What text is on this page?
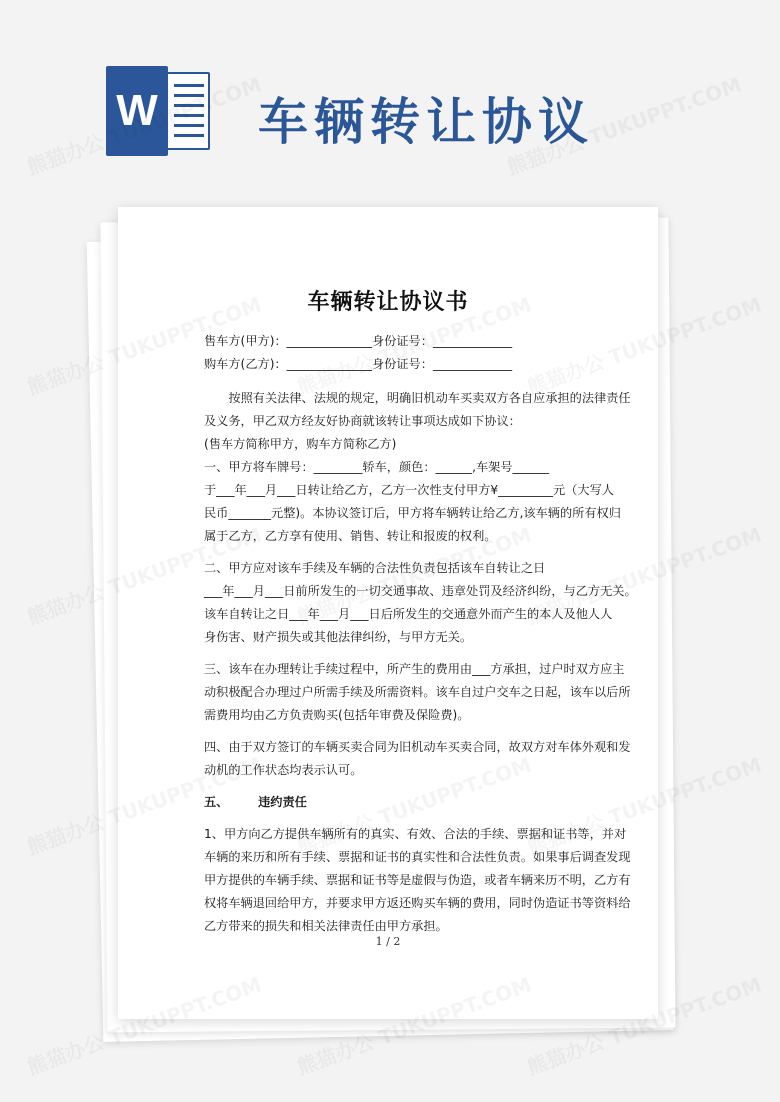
W 车辆转让协议
车辆转让协议书

售车方(甲方)：______________身份证号：_____________

购车方(乙方)：______________身份证号：_____________

按照有关法律、法规的规定，明确旧机动车买卖双方各自应承担的法律责任

及义务，甲乙双方经友好协商就该转让事项达成如下协议：

(售车方简称甲方，购车方简称乙方)

一、甲方将车牌号：________轿车，颜色：______,车架号______

于___年___月___日转让给乙方，乙方一次性支付甲方¥_________元（大写人

民币_______元整)。本协议签订后，甲方将车辆转让给乙方,该车辆的所有权归

属于乙方，乙方享有使用、销售、转让和报废的权利。

二、甲方应对该车手续及车辆的合法性负责包括该车自转让之日

___年___月___日前所发生的一切交通事故、违章处罚及经济纠纷，与乙方无关。

该车自转让之日___年___月___日后所发生的交通意外而产生的本人及他人人

身伤害、财产损失或其他法律纠纷，与甲方无关。

三、该车在办理转让手续过程中，所产生的费用由___方承担，过户时双方应主

动积极配合办理过户所需手续及所需资料。该车自过户交车之日起，该车以后所

需费用均由乙方负责购买(包括年审费及保险费)。

四、由于双方签订的车辆买卖合同为旧机动车买卖合同，故双方对车体外观和发

动机的工作状态均表示认可。

五、       违约责任

1、甲方向乙方提供车辆所有的真实、有效、合法的手续、票据和证书等，并对

车辆的来历和所有手续、票据和证书的真实性和合法性负责。如果事后调查发现

甲方提供的车辆手续、票据和证书等是虚假与伪造，或者车辆来历不明，乙方有

权将车辆退回给甲方，并要求甲方返还购买车辆的费用，同时伪造证书等资料给

乙方带来的损失和相关法律责任由甲方承担。

1 / 2
